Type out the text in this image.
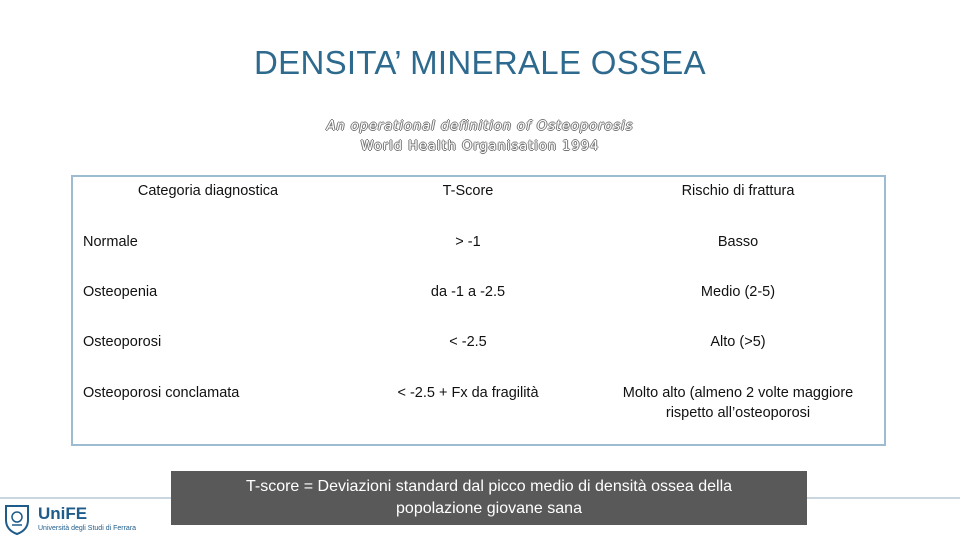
DENSITA’ MINERALE OSSEA
An operational definition of Osteoporosis
World Health Organisation 1994
Categoria diagnostica	T-Score	Rischio di frattura
Normale	> -1	Basso
Osteopenia	da -1 a -2.5	Medio (2-5)
Osteoporosi	< -2.5	Alto (>5)
Osteoporosi conclamata	< -2.5 + Fx da fragilità	Molto alto (almeno 2 volte maggiore rispetto all’osteoporosi
UniFE
Università degli Studi di Ferrara
T-score = Deviazioni standard dal picco medio di densità ossea della
popolazione giovane sana
